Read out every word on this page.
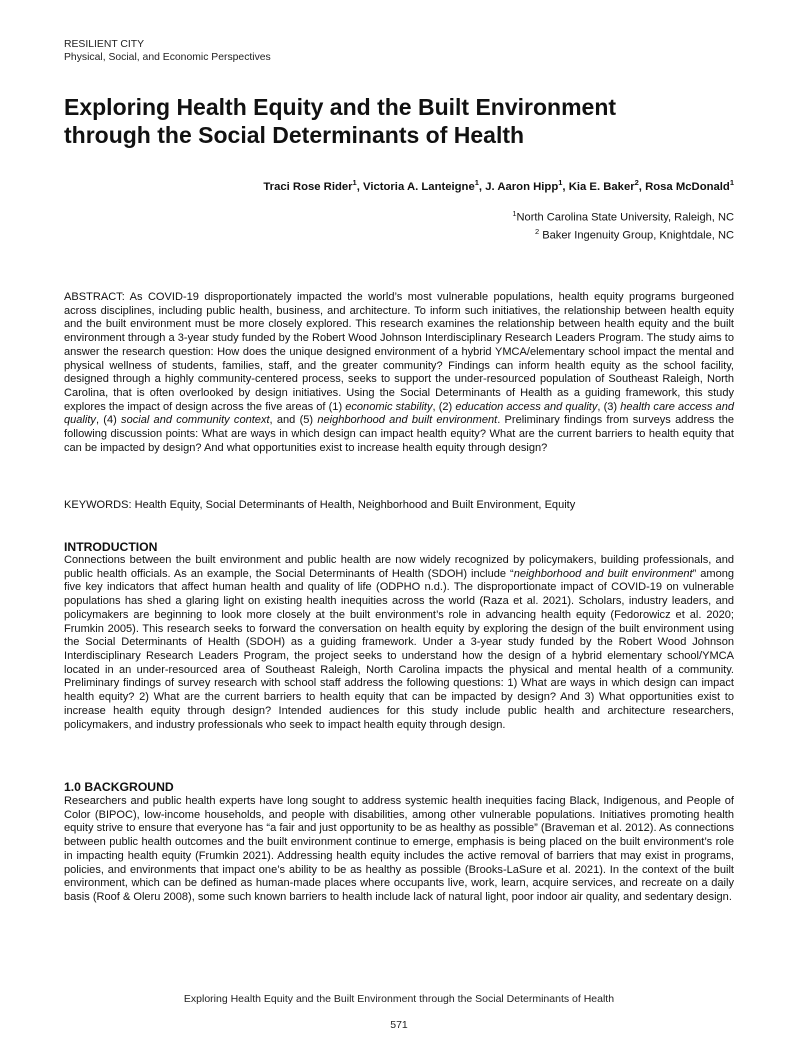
RESILIENT CITY
Physical, Social, and Economic Perspectives
Exploring Health Equity and the Built Environment
through the Social Determinants of Health
Traci Rose Rider$^1$, Victoria A. Lanteigne$^1$, J. Aaron Hipp$^1$, Kia E. Baker$^2$, Rosa McDonald$^1$
$^1$North Carolina State University, Raleigh, NC
$^2$ Baker Ingenuity Group, Knightdale, NC

ABSTRACT: As COVID-19 disproportionately impacted the world’s most vulnerable populations, health equity programs burgeoned across disciplines, including public health, business, and architecture. To inform such initiatives, the relationship between health equity and the built environment must be more closely explored. This research examines the relationship between health equity and the built environment through a 3-year study funded by the Robert Wood Johnson Interdisciplinary Research Leaders Program. The study aims to answer the research question: How does the unique designed environment of a hybrid YMCA/elementary school impact the mental and physical wellness of students, families, staff, and the greater community? Findings can inform health equity as the school facility, designed through a highly community-centered process, seeks to support the under-resourced population of Southeast Raleigh, North Carolina, that is often overlooked by design initiatives. Using the Social Determinants of Health as a guiding framework, this study explores the impact of design across the five areas of (1) economic stability, (2) education access and quality, (3) health care access and quality, (4) social and community context, and (5) neighborhood and built environment. Preliminary findings from surveys address the following discussion points: What are ways in which design can impact health equity? What are the current barriers to health equity that can be impacted by design? And what opportunities exist to increase health equity through design?

KEYWORDS: Health Equity, Social Determinants of Health, Neighborhood and Built Environment, Equity

INTRODUCTION

Connections between the built environment and public health are now widely recognized by policymakers, building professionals, and public health officials. As an example, the Social Determinants of Health (SDOH) include “neighborhood and built environment” among five key indicators that affect human health and quality of life (ODPHO n.d.). The disproportionate impact of COVID-19 on vulnerable populations has shed a glaring light on existing health inequities across the world (Raza et al. 2021). Scholars, industry leaders, and policymakers are beginning to look more closely at the built environment’s role in advancing health equity (Fedorowicz et al. 2020; Frumkin 2005). This research seeks to forward the conversation on health equity by exploring the design of the built environment using the Social Determinants of Health (SDOH) as a guiding framework. Under a 3-year study funded by the Robert Wood Johnson Interdisciplinary Research Leaders Program, the project seeks to understand how the design of a hybrid elementary school/YMCA located in an under-resourced area of Southeast Raleigh, North Carolina impacts the physical and mental health of a community. Preliminary findings of survey research with school staff address the following questions: 1) What are ways in which design can impact health equity? 2) What are the current barriers to health equity that can be impacted by design? And 3) What opportunities exist to increase health equity through design? Intended audiences for this study include public health and architecture researchers, policymakers, and industry professionals who seek to impact health equity through design.

1.0 BACKGROUND

Researchers and public health experts have long sought to address systemic health inequities facing Black, Indigenous, and People of Color (BIPOC), low-income households, and people with disabilities, among other vulnerable populations. Initiatives promoting health equity strive to ensure that everyone has “a fair and just opportunity to be as healthy as possible” (Braveman et al. 2012). As connections between public health outcomes and the built environment continue to emerge, emphasis is being placed on the built environment’s role in impacting health equity (Frumkin 2021). Addressing health equity includes the active removal of barriers that may exist in programs, policies, and environments that impact one’s ability to be as healthy as possible (Brooks-LaSure et al. 2021). In the context of the built environment, which can be defined as human-made places where occupants live, work, learn, acquire services, and recreate on a daily basis (Roof & Oleru 2008), some such known barriers to health include lack of natural light, poor indoor air quality, and sedentary design.

Exploring Health Equity and the Built Environment through the Social Determinants of Health
571
